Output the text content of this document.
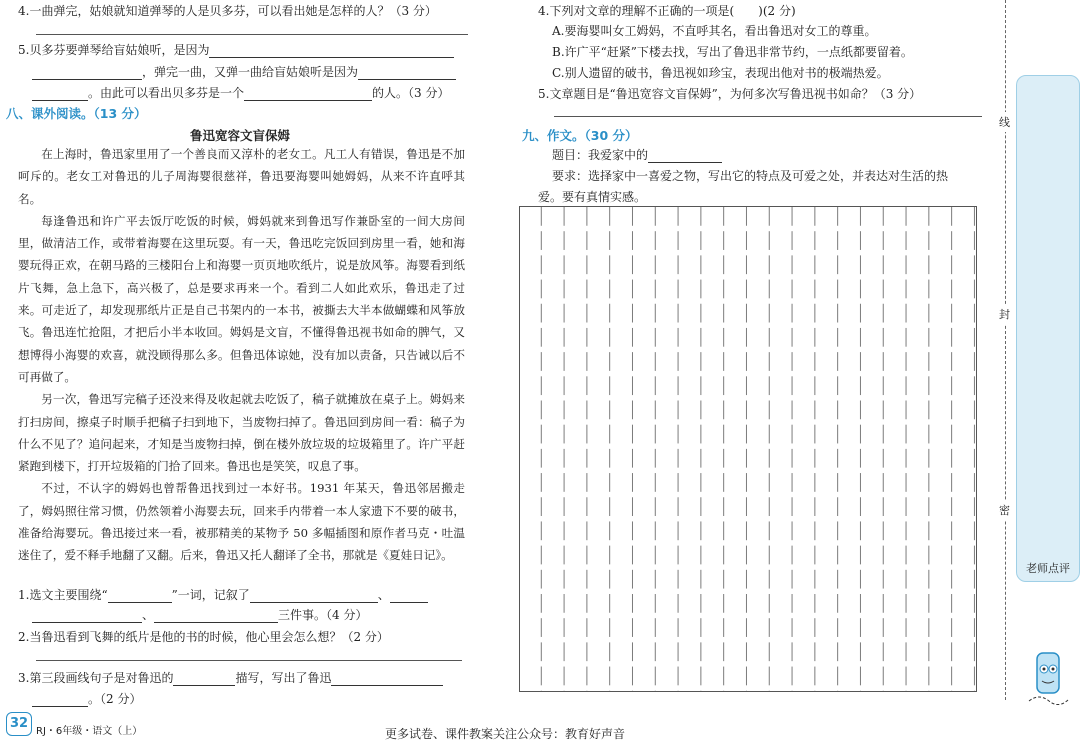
4.一曲弹完，姑娘就知道弹琴的人是贝多芬，可以看出她是怎样的人？（3 分）
5.贝多芬要弹琴给盲姑娘听，是因为
，弹完一曲，又弹一曲给盲姑娘听是因为
。由此可以看出贝多芬是一个	的人。（3 分）
八、课外阅读。（13 分）
鲁迅宽容文盲保姆

在上海时，鲁迅家里用了一个善良而又淳朴的老女工。凡工人有错误，鲁迅是不加呵斥的。老女工对鲁迅的儿子周海婴很慈祥，鲁迅要海婴叫她姆妈，从来不许直呼其名。

每逢鲁迅和许广平去饭厅吃饭的时候，姆妈就来到鲁迅写作兼卧室的一间大房间里，做清洁工作，或带着海婴在这里玩耍。有一天，鲁迅吃完饭回到房里一看，她和海婴玩得正欢，在朝马路的三楼阳台上和海婴一页页地吹纸片，说是放风筝。海婴看到纸片飞舞，急上急下，高兴极了，总是要求再来一个。看到二人如此欢乐，鲁迅走了过来。可走近了，却发现那纸片正是自己书架内的一本书，被撕去大半本做蝴蝶和风筝放飞。鲁迅连忙抢阻，才把后小半本收回。姆妈是文盲，不懂得鲁迅视书如命的脾气，又想博得小海婴的欢喜，就没顾得那么多。但鲁迅体谅她，没有加以责备，只告诫以后不可再做了。

另一次，鲁迅写完稿子还没来得及收起就去吃饭了，稿子就摊放在桌子上。姆妈来打扫房间，擦桌子时顺手把稿子扫到地下，当废物扫掉了。鲁迅回到房间一看：稿子为什么不见了？追问起来，才知是当废物扫掉，倒在楼外放垃圾的垃圾箱里了。许广平赶紧跑到楼下，打开垃圾箱的门拾了回来。鲁迅也是笑笑，叹息了事。

不过，不认字的姆妈也曾帮鲁迅找到过一本好书。1931 年某天，鲁迅邻居搬走了，姆妈照往常习惯，仍然领着小海婴去玩，回来手内带着一本人家遗下不要的破书，准备给海婴玩。鲁迅接过来一看，被那精美的某物予 50 多幅插图和原作者马克・吐温迷住了，爱不释手地翻了又翻。后来，鲁迅又托人翻译了全书，那就是《夏娃日记》。

1.选文主要围绕“	”一词，记叙了	、
、	三件事。（4 分）
2.当鲁迅看到飞舞的纸片是他的书的时候，他心里会怎么想？（2 分）
3.第三段画线句子是对鲁迅的	描写，写出了鲁迅
。（2 分）
4.下列对文章的理解不正确的一项是(　　)(2 分)
A.要海婴叫女工姆妈，不直呼其名，看出鲁迅对女工的尊重。
B.许广平“赶紧”下楼去找，写出了鲁迅非常节约，一点纸都要留着。
C.别人遗留的破书，鲁迅视如珍宝，表现出他对书的极端热爱。
5.文章题目是“鲁迅宽容文盲保姆”，为何多次写鲁迅视书如命？（3 分）
九、作文。（30 分）
题目：我爱家中的
要求：选择家中一喜爱之物，写出它的特点及可爱之处，并表达对生活的热
爱。要有真情实感。
线
封
密
老师点评
32
RJ・6年级・语文（上）	更多试卷、课件教案关注公众号：教育好声音
